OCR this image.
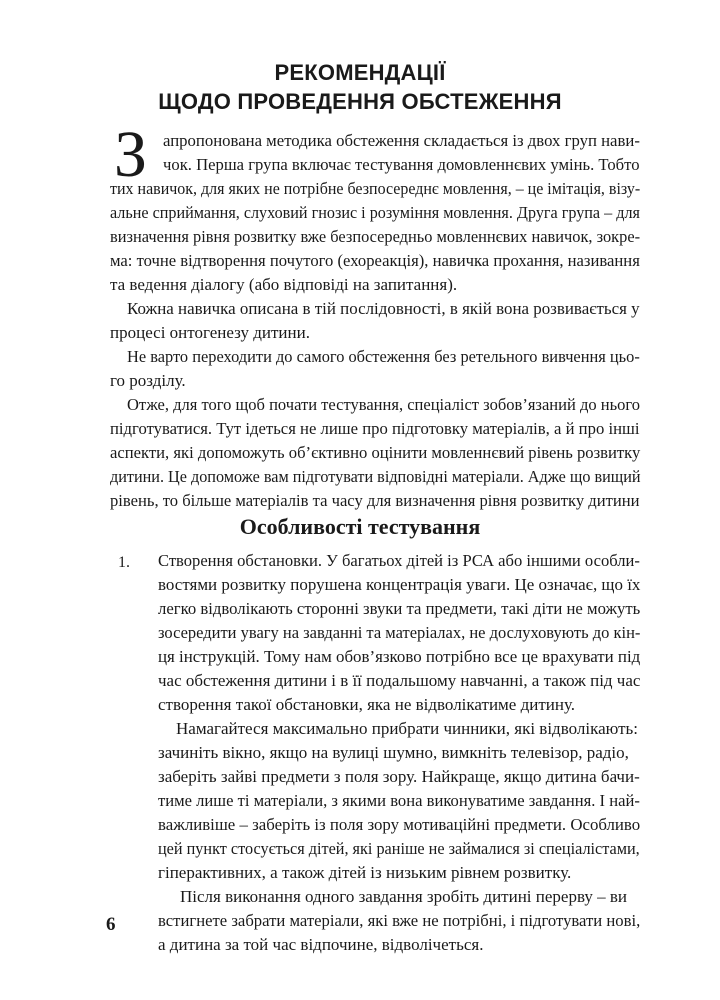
РЕКОМЕНДАЦІЇ
ЩОДО ПРОВЕДЕННЯ ОБСТЕЖЕННЯ
З апропонована методика обстеження складається із двох груп нави-
чок. Перша група включає тестування домовленнєвих умінь. Тобто
тих навичок, для яких не потрібне безпосереднє мовлення, – це імітація, візу-
альне сприймання, слуховий гнозис і розуміння мовлення. Друга група – для
визначення рівня розвитку вже безпосередньо мовленнєвих навичок, зокре-
ма: точне відтворення почутого (ехореакція), навичка прохання, називання
та ведення діалогу (або відповіді на запитання).
Кожна навичка описана в тій послідовності, в якій вона розвивається у
процесі онтогенезу дитини.
Не варто переходити до самого обстеження без ретельного вивчення цьо-
го розділу.
Отже, для того щоб почати тестування, спеціаліст зобов’язаний до нього
підготуватися. Тут ідеться не лише про підготовку матеріалів, а й про інші
аспекти, які допоможуть об’єктивно оцінити мовленнєвий рівень розвитку
дитини. Це допоможе вам підготувати відповідні матеріали. Адже що вищий
рівень, то більше матеріалів та часу для визначення рівня розвитку дитини
Особливості тестування
1. Створення обстановки. У багатьох дітей із РСА або іншими особли-
востями розвитку порушена концентрація уваги. Це означає, що їх
легко відволікають сторонні звуки та предмети, такі діти не можуть
зосередити увагу на завданні та матеріалах, не дослуховують до кін-
ця інструкцій. Тому нам обов’язково потрібно все це врахувати під
час обстеження дитини і в її подальшому навчанні, а також під час
створення такої обстановки, яка не відволікатиме дитину.
Намагайтеся максимально прибрати чинники, які відволікають:
зачиніть вікно, якщо на вулиці шумно, вимкніть телевізор, радіо,
заберіть зайві предмети з поля зору. Найкраще, якщо дитина бачи-
тиме лише ті матеріали, з якими вона виконуватиме завдання. І най-
важливіше – заберіть із поля зору мотиваційні предмети. Особливо
цей пункт стосується дітей, які раніше не займалися зі спеціалістами,
гіперактивних, а також дітей із низьким рівнем розвитку.
Після виконання одного завдання зробіть дитині перерву – ви
встигнете забрати матеріали, які вже не потрібні, і підготувати нові,
а дитина за той час відпочине, відволічеться.
6
